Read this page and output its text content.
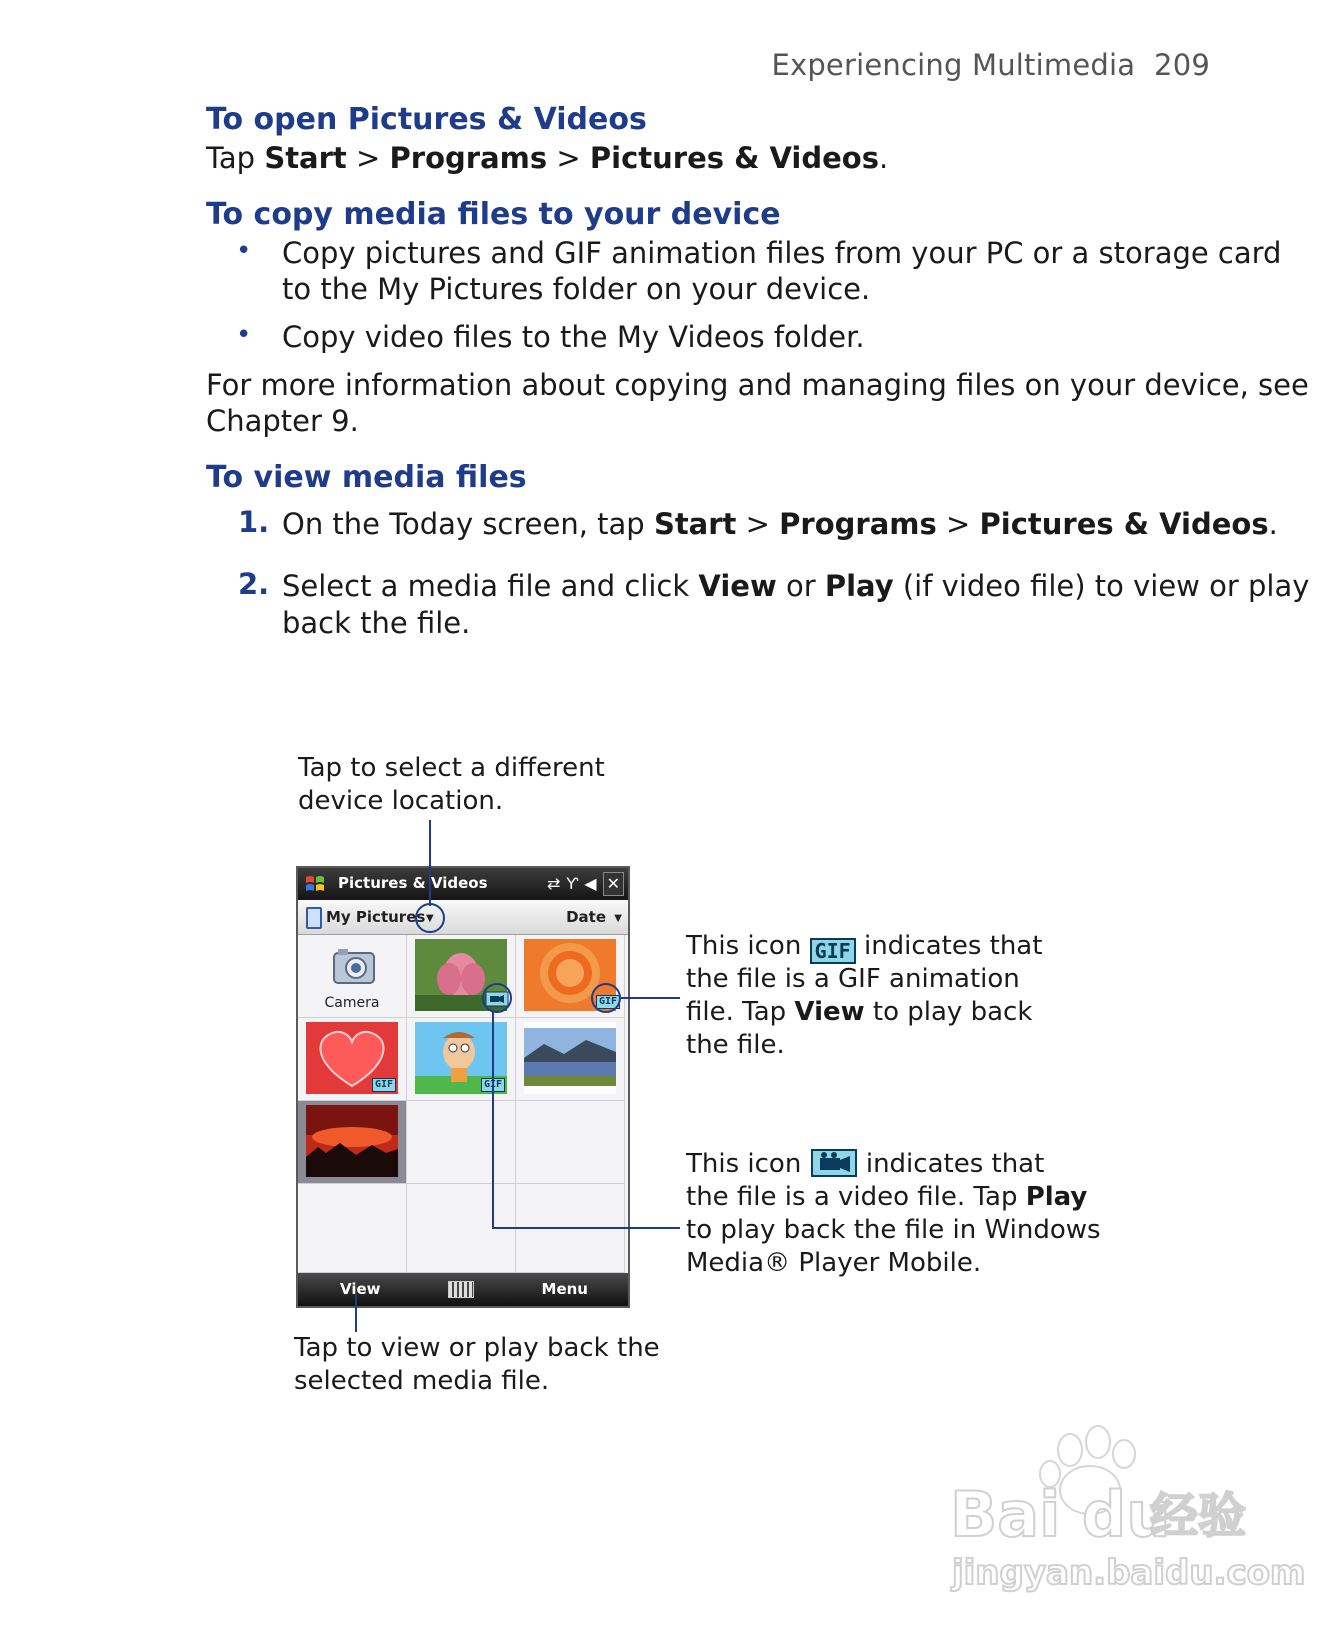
Experiencing Multimedia 209
To open Pictures & Videos
Tap Start > Programs > Pictures & Videos.
To copy media files to your device
• Copy pictures and GIF animation files from your PC or a storage card
to the My Pictures folder on your device.
• Copy video files to the My Videos folder.
For more information about copying and managing files on your device, see
Chapter 9.
To view media files
1. On the Today screen, tap Start > Programs > Pictures & Videos.
2. Select a media file and click View or Play (if video file) to view or play
back the file.
Tap to select a different
device location.
This icon GIF indicates that
the file is a GIF animation
file. Tap View to play back
the file.
This icon  indicates that
the file is a video file. Tap Play
to play back the file in Windows
Media® Player Mobile.
Tap to view or play back the
selected media file.
Pictures & Videos	⇄ Ƴ ◀ ✕
My Pictures ▼	Date ▼
Camera	GIF
GIF	GIF
View	Menu
Bai du
经验
jingyan.baidu.com
